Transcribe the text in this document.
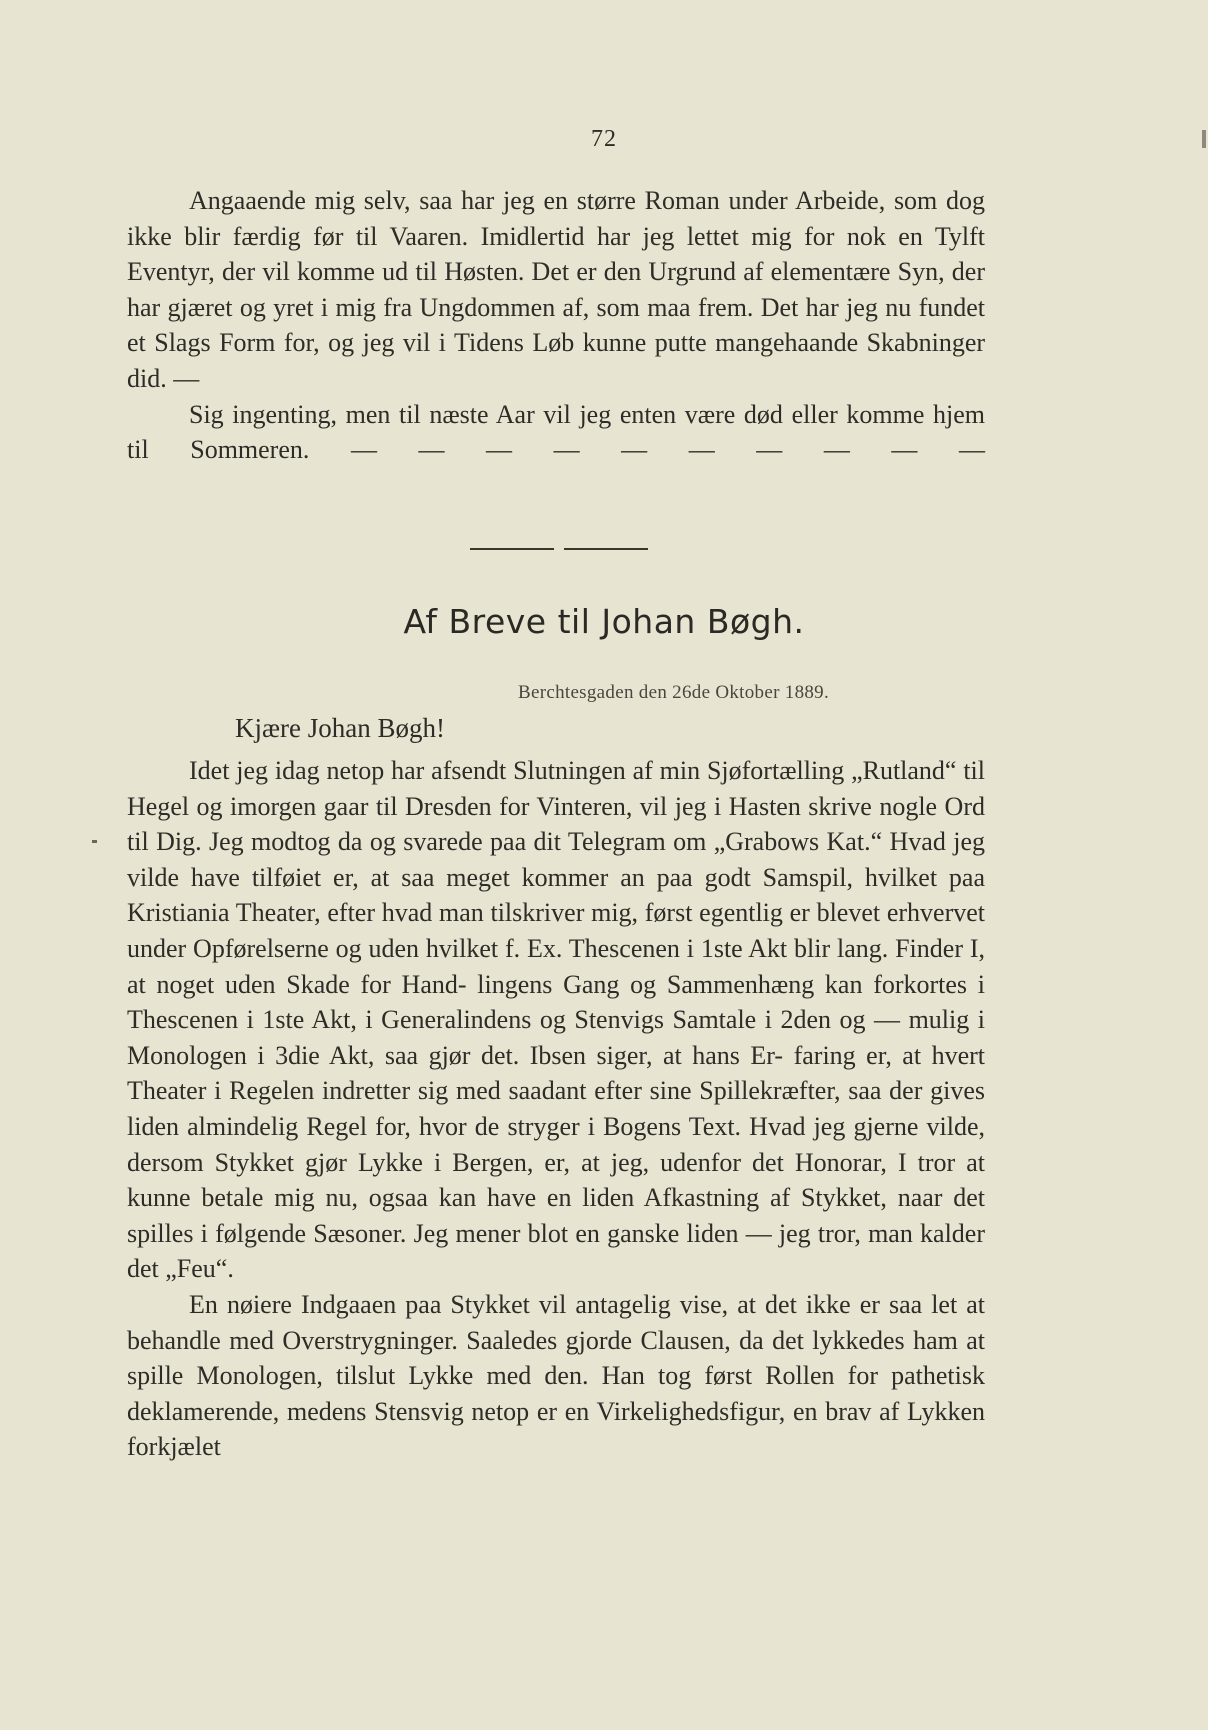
72
Angaaende mig selv, saa har jeg en større Roman under Arbeide, som dog ikke blir færdig før til Vaaren. Imidlertid har jeg lettet mig for nok en Tylft Eventyr, der vil komme ud til Høsten. Det er den Urgrund af elementære Syn, der har gjæret og yret i mig fra Ungdommen af, som maa frem. Det har jeg nu fundet et Slags Form for, og jeg vil i Tidens Løb kunne putte mangehaande Skabninger did. —
Sig ingenting, men til næste Aar vil jeg enten være død eller komme hjem til Sommeren. — — — — — — — — — —
Af Breve til Johan Bøgh.
Berchtesgaden den 26de Oktober 1889.
Kjære Johan Bøgh!
Idet jeg idag netop har afsendt Slutningen af min Sjøfortælling „Rutland“ til Hegel og imorgen gaar til Dresden for Vinteren, vil jeg i Hasten skrive nogle Ord til Dig. Jeg modtog da og svarede paa dit Telegram om „Grabows Kat.“ Hvad jeg vilde have tilføiet er, at saa meget kommer an paa godt Samspil, hvilket paa Kristiania Theater, efter hvad man tilskriver mig, først egentlig er blevet erhvervet under Opførelserne og uden hvilket f. Ex. Thescenen i 1ste Akt blir lang. Finder I, at noget uden Skade for Hand- lingens Gang og Sammenhæng kan forkortes i Thescenen i 1ste Akt, i Generalindens og Stenvigs Samtale i 2den og — mulig i Monologen i 3die Akt, saa gjør det. Ibsen siger, at hans Er- faring er, at hvert Theater i Regelen indretter sig med saadant efter sine Spillekræfter, saa der gives liden almindelig Regel for, hvor de stryger i Bogens Text. Hvad jeg gjerne vilde, dersom Stykket gjør Lykke i Bergen, er, at jeg, udenfor det Honorar, I tror at kunne betale mig nu, ogsaa kan have en liden Afkastning af Stykket, naar det spilles i følgende Sæsoner. Jeg mener blot en ganske liden — jeg tror, man kalder det „Feu“.
En nøiere Indgaaen paa Stykket vil antagelig vise, at det ikke er saa let at behandle med Overstrygninger. Saaledes gjorde Clausen, da det lykkedes ham at spille Monologen, tilslut Lykke med den. Han tog først Rollen for pathetisk deklamerende, medens Stensvig netop er en Virkelighedsfigur, en brav af Lykken forkjælet
